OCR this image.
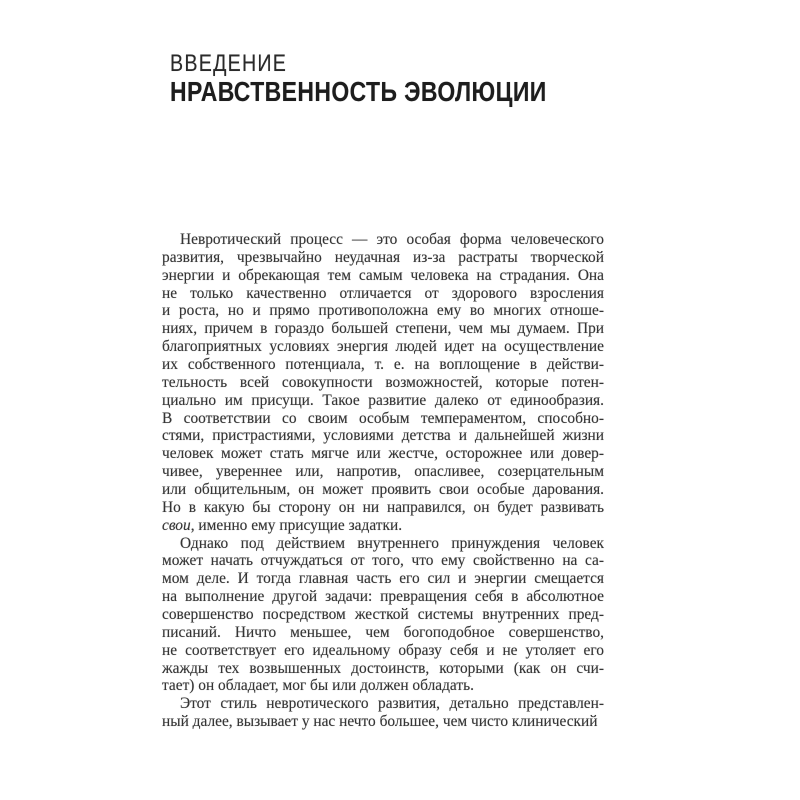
ВВЕДЕНИЕ
НРАВСТВЕННОСТЬ ЭВОЛЮЦИИ
Невротический процесс — это особая форма человеческого
развития, чрезвычайно неудачная из-за растраты творческой
энергии и обрекающая тем самым человека на страдания. Она
не только качественно отличается от здорового взросления
и роста, но и прямо противоположна ему во многих отноше-
ниях, причем в гораздо большей степени, чем мы думаем. При
благоприятных условиях энергия людей идет на осуществление
их собственного потенциала, т. е. на воплощение в действи-
тельность всей совокупности возможностей, которые потен-
циально им присущи. Такое развитие далеко от единообразия.
В соответствии со своим особым темпераментом, способно-
стями, пристрастиями, условиями детства и дальнейшей жизни
человек может стать мягче или жестче, осторожнее или довер-
чивее, увереннее или, напротив, опасливее, созерцательным
или общительным, он может проявить свои особые дарования.
Но в какую бы сторону он ни направился, он будет развивать
свои, именно ему присущие задатки.
Однако под действием внутреннего принуждения человек
может начать отчуждаться от того, что ему свойственно на са-
мом деле. И тогда главная часть его сил и энергии смещается
на выполнение другой задачи: превращения себя в абсолютное
совершенство посредством жесткой системы внутренних пред-
писаний. Ничто меньшее, чем богоподобное совершенство,
не соответствует его идеальному образу себя и не утоляет его
жажды тех возвышенных достоинств, которыми (как он счи-
тает) он обладает, мог бы или должен обладать.
Этот стиль невротического развития, детально представлен-
ный далее, вызывает у нас нечто большее, чем чисто клинический
